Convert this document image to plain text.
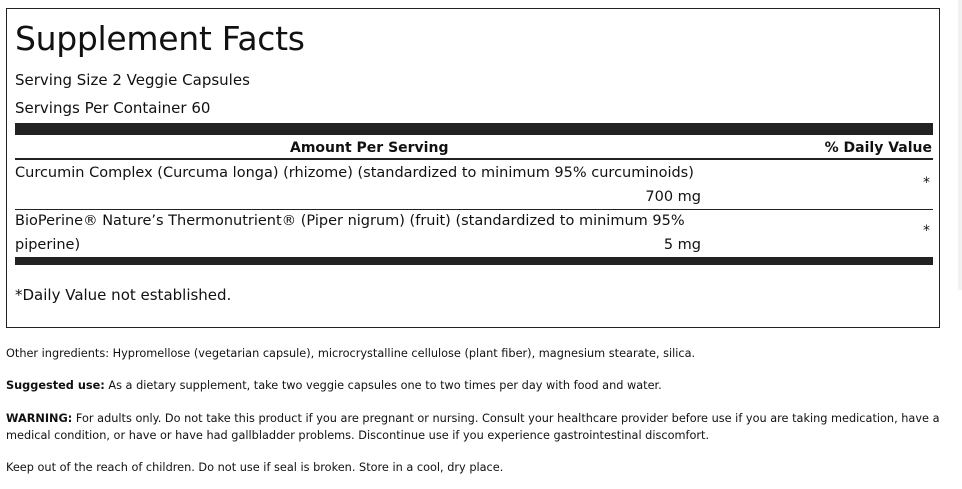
Supplement Facts
Serving Size 2 Veggie Capsules
Servings Per Container 60
Amount Per Serving	% Daily Value
Curcumin Complex (Curcuma longa) (rhizome) (standardized to minimum 95% curcuminoids)
700 mg
*
BioPerine® Nature’s Thermonutrient® (Piper nigrum) (fruit) (standardized to minimum 95%
piperine)	5 mg
*
*Daily Value not established.
Other ingredients: Hypromellose (vegetarian capsule), microcrystalline cellulose (plant fiber), magnesium stearate, silica.
Suggested use: As a dietary supplement, take two veggie capsules one to two times per day with food and water.
WARNING: For adults only. Do not take this product if you are pregnant or nursing. Consult your healthcare provider before use if you are taking medication, have a medical condition, or have or have had gallbladder problems. Discontinue use if you experience gastrointestinal discomfort.
Keep out of the reach of children. Do not use if seal is broken. Store in a cool, dry place.
